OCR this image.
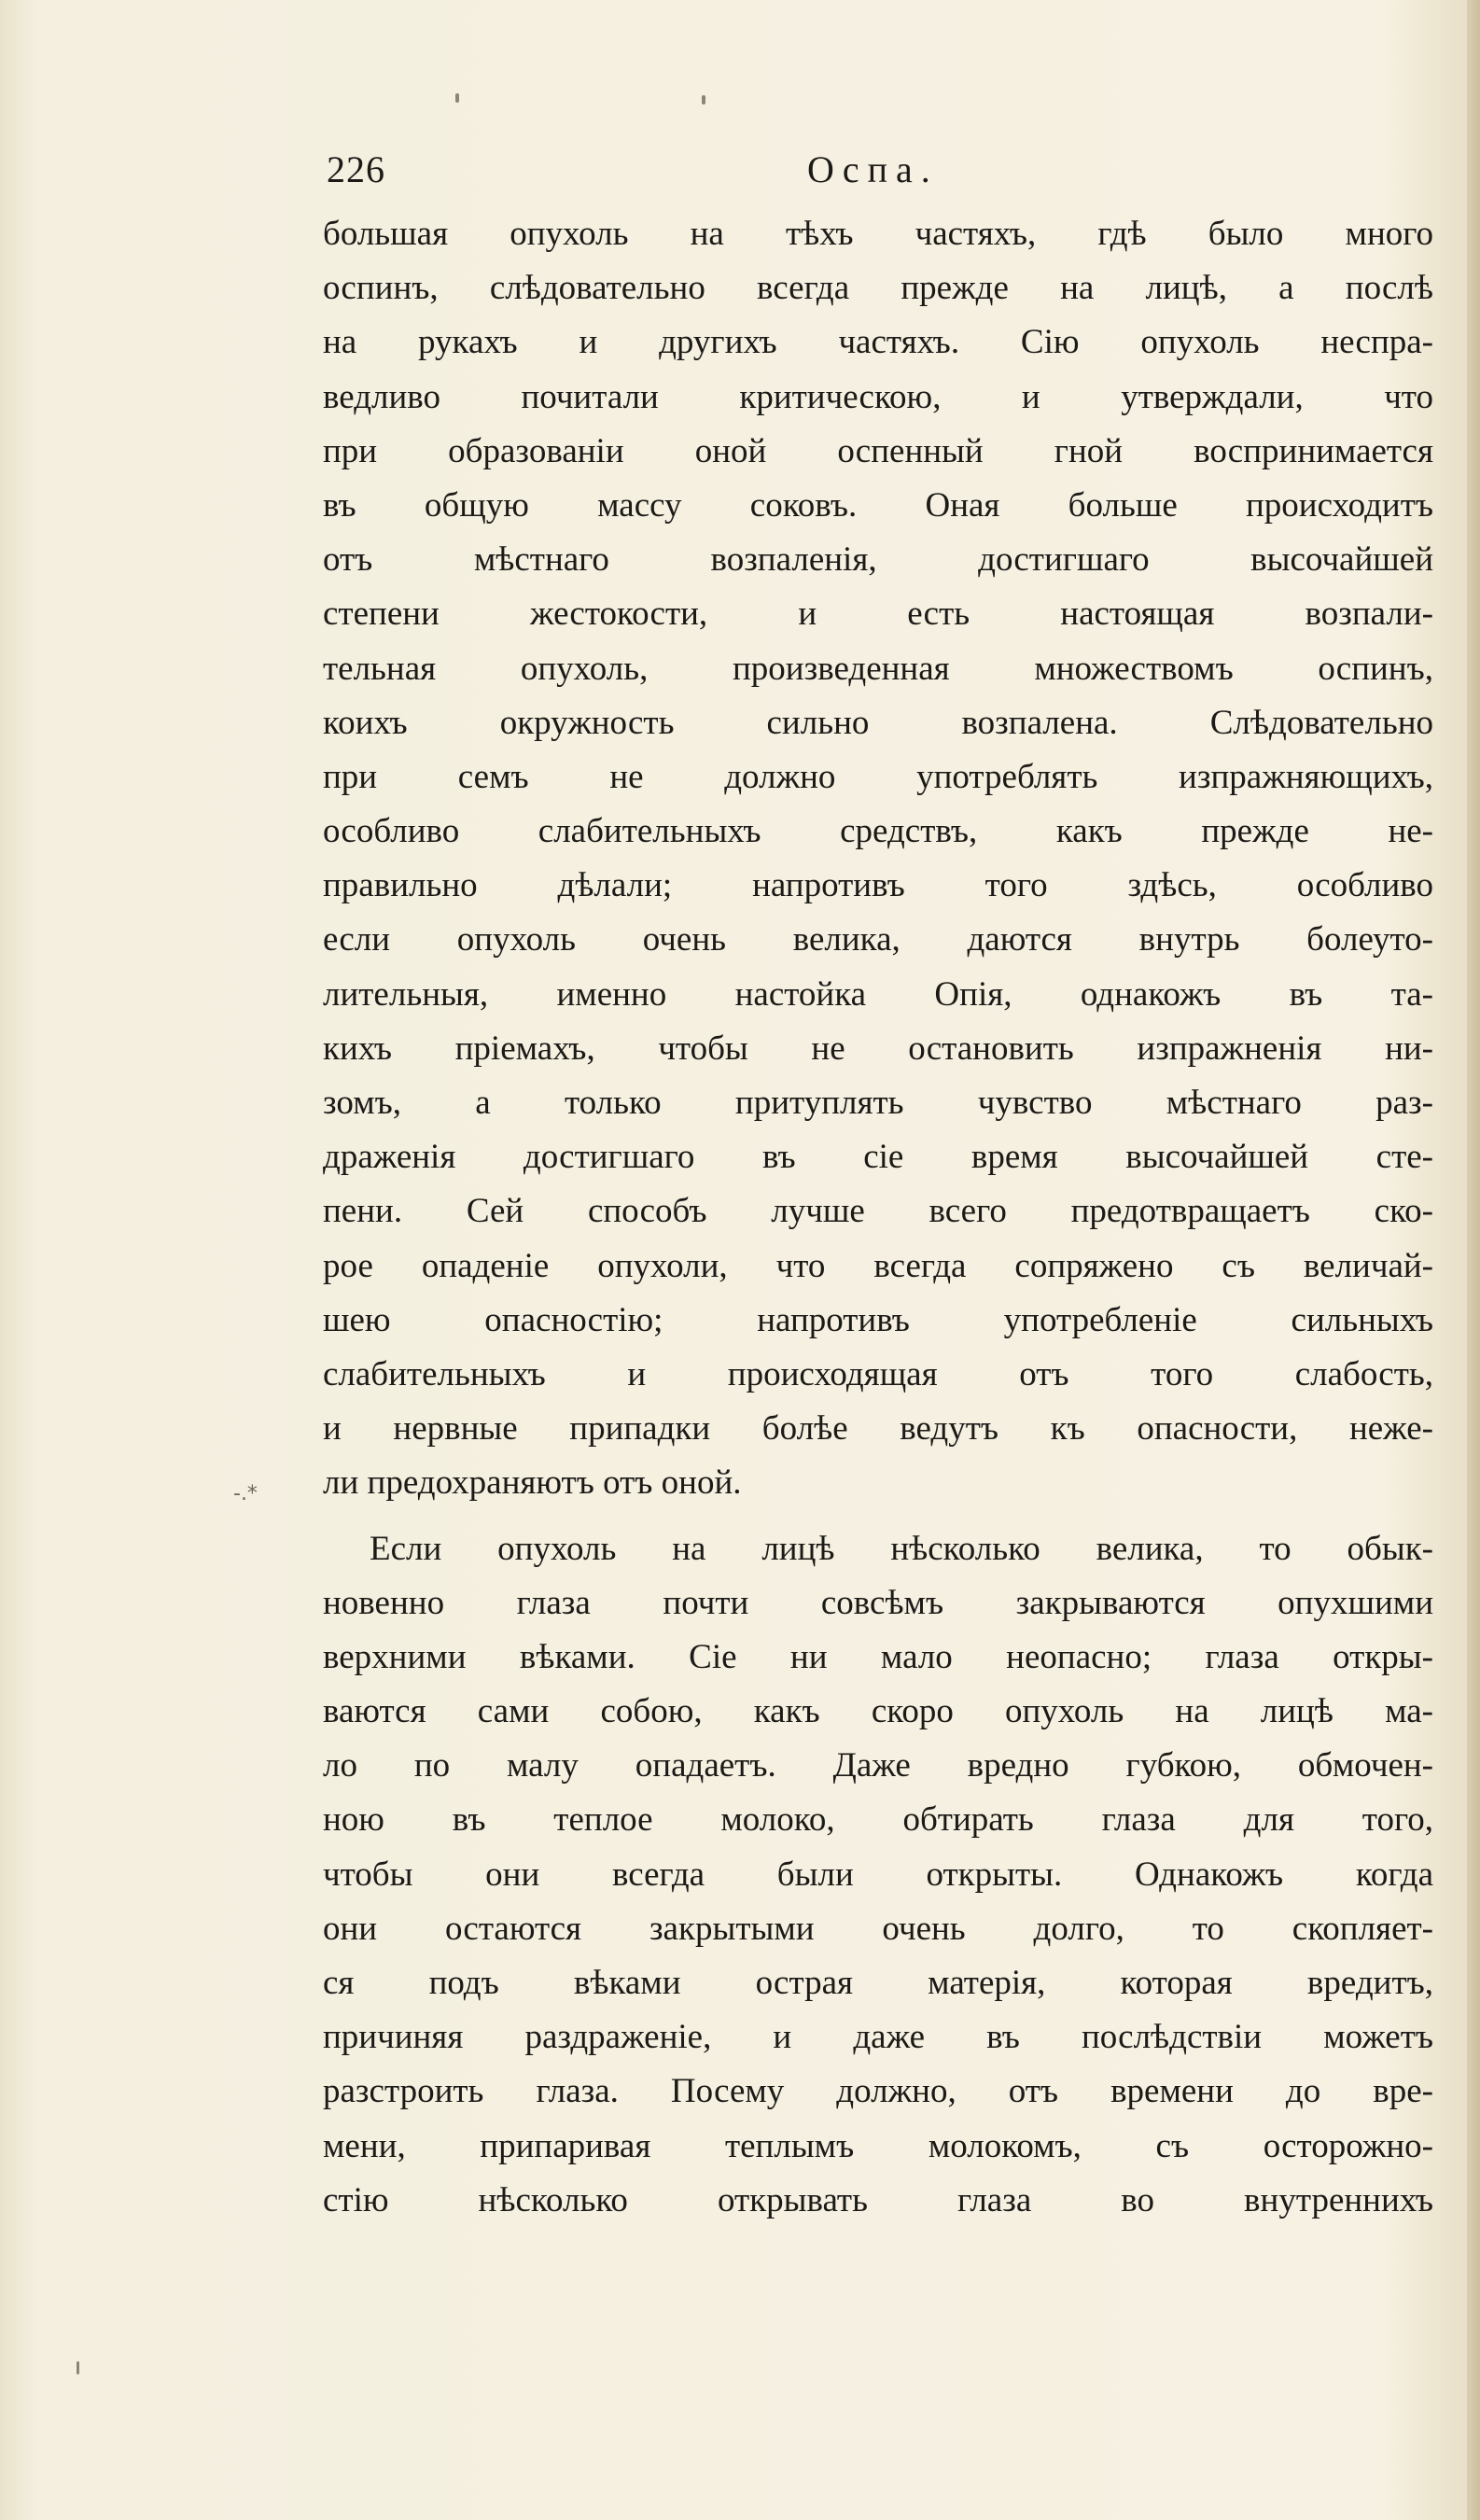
226	Оспа.
большая опухоль на тѣхъ частяхъ, гдѣ было много
оспинъ, слѣдовательно всегда прежде на лицѣ, а послѣ
на рукахъ и другихъ частяхъ. Сію опухоль неспра-
ведливо почитали критическою, и утверждали, что
при образованіи оной оспенный гной воспринимается
въ общую массу соковъ. Оная больше происходитъ
отъ мѣстнаго возпаленія, достигшаго высочайшей
степени жестокости, и есть настоящая возпали-
тельная опухоль, произведенная множествомъ оспинъ,
коихъ окружность сильно возпалена. Слѣдовательно
при семъ не должно употреблять изпражняющихъ,
особливо слабительныхъ средствъ, какъ прежде не-
правильно дѣлали; напротивъ того здѣсь, особливо
если опухоль очень велика, даются внутрь болеуто-
лительныя, именно настойка Опія, однакожъ въ та-
кихъ пріемахъ, чтобы не остановить изпражненія ни-
зомъ, а только притуплять чувство мѣстнаго раз-
драженія достигшаго въ сіе время высочайшей сте-
пени. Сей способъ лучше всего предотвращаетъ ско-
рое опаденіе опухоли, что всегда сопряжено съ величай-
шею опасностію; напротивъ употребленіе сильныхъ
слабительныхъ и происходящая отъ того слабость,
и нервные припадки болѣе ведутъ къ опасности, неже-
ли предохраняютъ отъ оной.
Если опухоль на лицѣ нѣсколько велика, то обык-
новенно глаза почти совсѣмъ закрываются опухшими
верхними вѣками. Сіе ни мало неопасно; глаза откры-
ваются сами собою, какъ скоро опухоль на лицѣ ма-
ло по малу опадаетъ. Даже вредно губкою, обмочен-
ною въ теплое молоко, обтирать глаза для того,
чтобы они всегда были открыты. Однакожъ когда
они остаются закрытыми очень долго, то скопляет-
ся подъ вѣками острая матерія, которая вредитъ,
причиняя раздраженіе, и даже въ послѣдствіи можетъ
разстроить глаза. Посему должно, отъ времени до вре-
мени, припаривая теплымъ молокомъ, съ осторожно-
стію нѣсколько открывать глаза во внутреннихъ
-.*
